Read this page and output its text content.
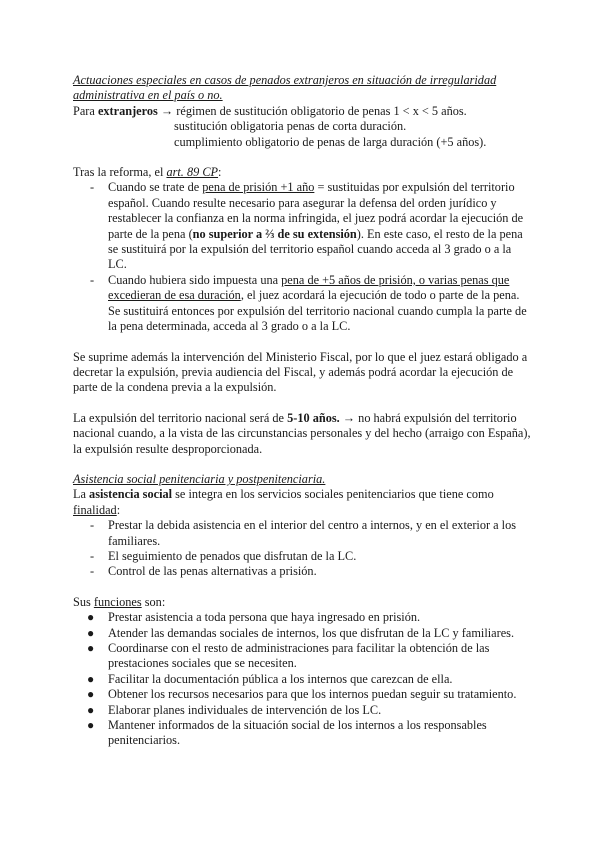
Actuaciones especiales en casos de penados extranjeros en situación de irregularidad administrativa en el país o no.

Para extranjeros → régimen de sustitución obligatorio de penas 1 < x < 5 años.

sustitución obligatoria penas de corta duración.

cumplimiento obligatorio de penas de larga duración (+5 años).

Tras la reforma, el art. 89 CP:

- Cuando se trate de pena de prisión +1 año = sustituidas por expulsión del territorio español. Cuando resulte necesario para asegurar la defensa del orden jurídico y restablecer la confianza en la norma infringida, el juez podrá acordar la ejecución de parte de la pena (no superior a ⅔ de su extensión). En este caso, el resto de la pena se sustituirá por la expulsión del territorio español cuando acceda al 3 grado o a la LC.
- Cuando hubiera sido impuesta una pena de +5 años de prisión, o varias penas que excedieran de esa duración, el juez acordará la ejecución de todo o parte de la pena. Se sustituirá entonces por expulsión del territorio nacional cuando cumpla la parte de la pena determinada, acceda al 3 grado o a la LC.

Se suprime además la intervención del Ministerio Fiscal, por lo que el juez estará obligado a decretar la expulsión, previa audiencia del Fiscal, y además podrá acordar la ejecución de parte de la condena previa a la expulsión.

La expulsión del territorio nacional será de 5-10 años. → no habrá expulsión del territorio nacional cuando, a la vista de las circunstancias personales y del hecho (arraigo con España), la expulsión resulte desproporcionada.

Asistencia social penitenciaria y postpenitenciaria.

La asistencia social se integra en los servicios sociales penitenciarios que tiene como finalidad:

- Prestar la debida asistencia en el interior del centro a internos, y en el exterior a los familiares.
- El seguimiento de penados que disfrutan de la LC.
- Control de las penas alternativas a prisión.

Sus funciones son:

● Prestar asistencia a toda persona que haya ingresado en prisión.
● Atender las demandas sociales de internos, los que disfrutan de la LC y familiares.
● Coordinarse con el resto de administraciones para facilitar la obtención de las prestaciones sociales que se necesiten.
● Facilitar la documentación pública a los internos que carezcan de ella.
● Obtener los recursos necesarios para que los internos puedan seguir su tratamiento.
● Elaborar planes individuales de intervención de los LC.
● Mantener informados de la situación social de los internos a los responsables penitenciarios.
